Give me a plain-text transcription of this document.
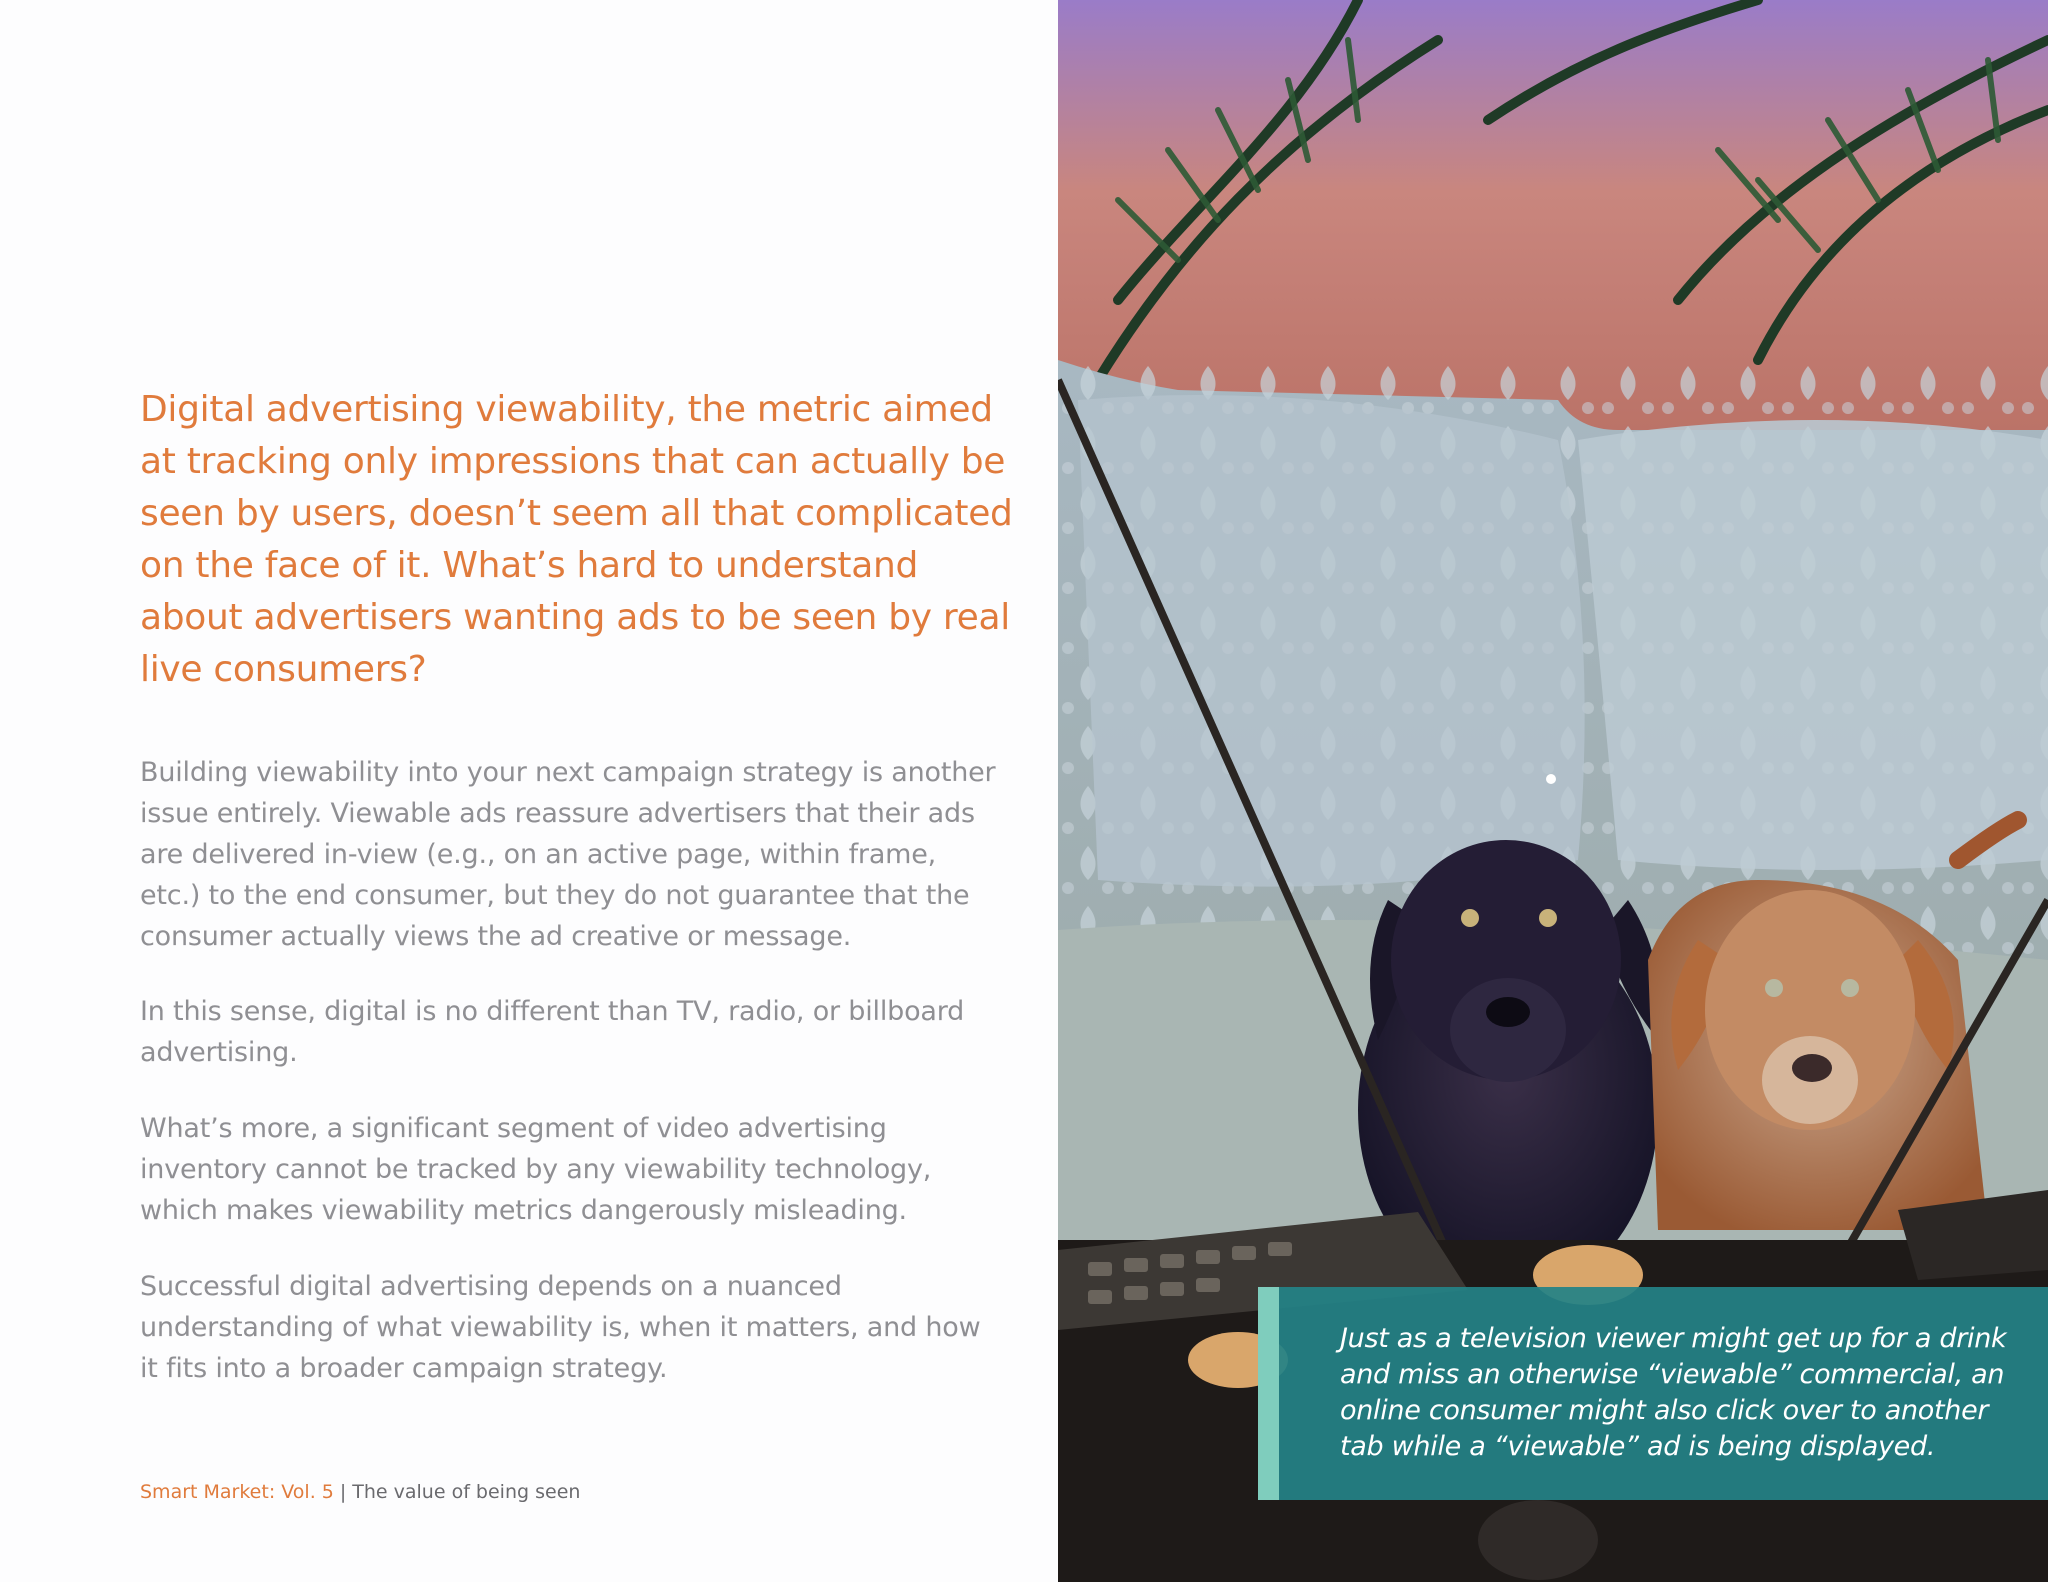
Digital advertising viewability, the metric aimed at tracking only impressions that can actually be seen by users, doesn’t seem all that complicated on the face of it. What’s hard to understand about advertisers wanting ads to be seen by real live consumers?

Building viewability into your next campaign strategy is another issue entirely. Viewable ads reassure advertisers that their ads are delivered in-view (e.g., on an active page, within frame, etc.) to the end consumer, but they do not guarantee that the consumer actually views the ad creative or message.

In this sense, digital is no different than TV, radio, or billboard advertising.

What’s more, a significant segment of video advertising inventory cannot be tracked by any viewability technology, which makes viewability metrics dangerously misleading.

Successful digital advertising depends on a nuanced understanding of what viewability is, when it matters, and how it fits into a broader campaign strategy.

Smart Market: Vol. 5 | The value of being seen

Just as a television viewer might get up for a drink and miss an otherwise “viewable” commercial, an online consumer might also click over to another tab while a “viewable” ad is being displayed.
